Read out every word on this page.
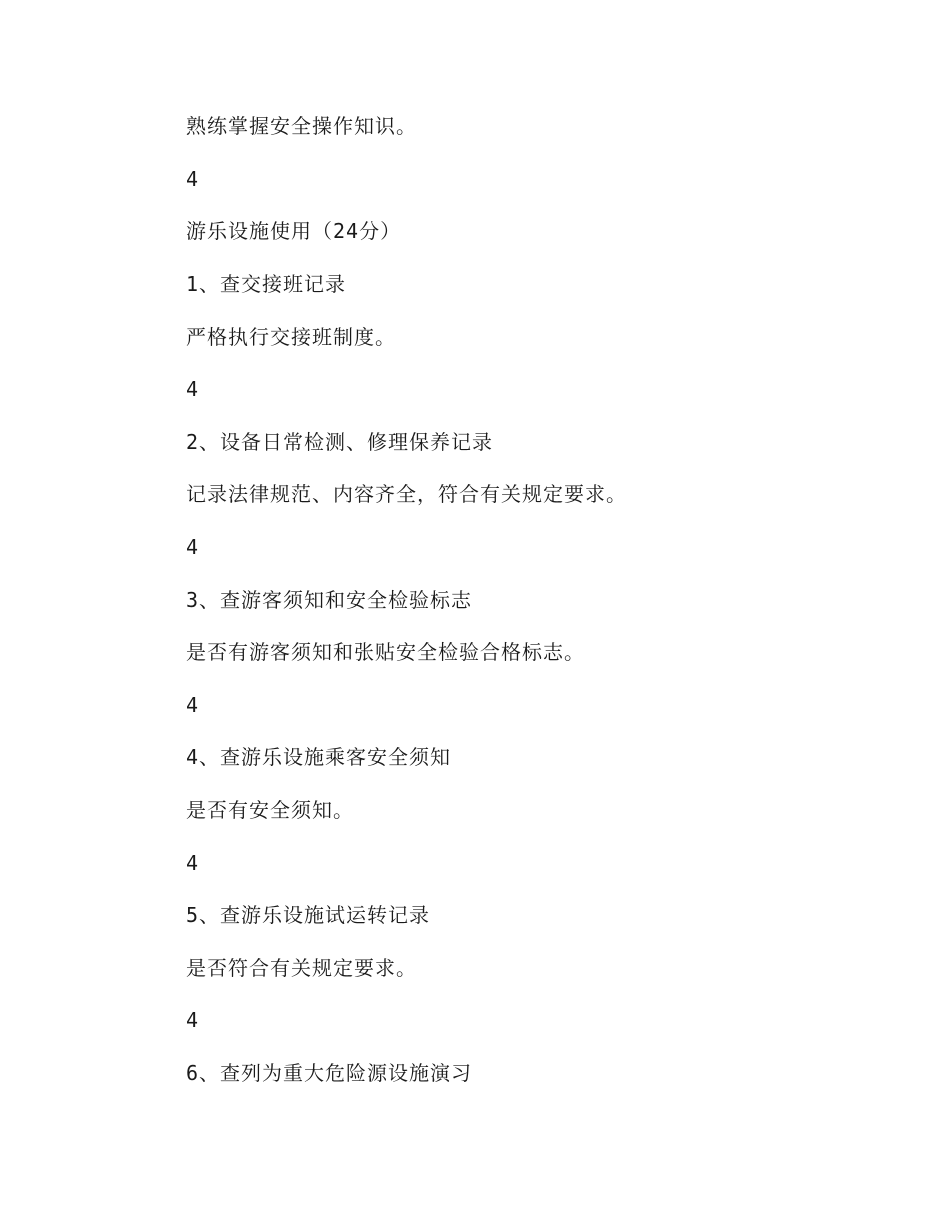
熟练掌握安全操作知识。

4

游乐设施使用（24分）

1、查交接班记录

严格执行交接班制度。

4

2、设备日常检测、修理保养记录

记录法律规范、内容齐全，符合有关规定要求。

4

3、查游客须知和安全检验标志

是否有游客须知和张贴安全检验合格标志。

4

4、查游乐设施乘客安全须知

是否有安全须知。

4

5、查游乐设施试运转记录

是否符合有关规定要求。

4

6、查列为重大危险源设施演习
